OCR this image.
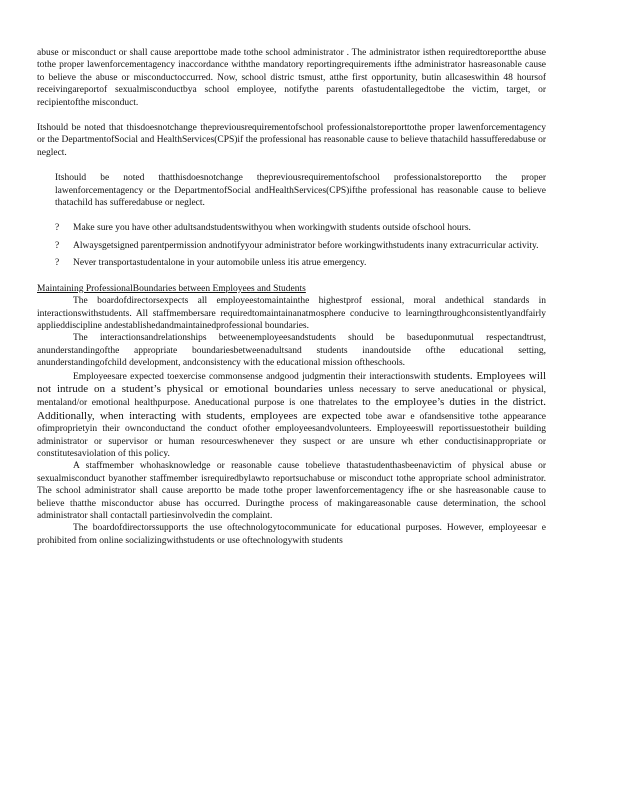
abuse or misconduct or shall cause areporttobe made tothe school administrator . The administrator isthen requiredtoreportthe abuse tothe proper lawenforcementagency inaccordance withthe mandatory reportingrequirements ifthe administrator hasreasonable cause to believe the abuse or misconductoccurred. Now, school distric tsmust, atthe first opportunity, butin allcaseswithin 48 hoursof receivingareportof sexualmisconductbya school employee, notifythe parents ofastudentallegedtobe the victim, target, or recipientofthe misconduct.

Itshould be noted that thisdoesnotchange thepreviousrequirementofschool professionalstoreporttothe proper lawenforcementagency or the DepartmentofSocial and HealthServices(CPS)if the professional has reasonable cause to believe thatachild hassufferedabuse or neglect.

Itshould be noted thatthisdoesnotchange thepreviousrequirementofschool professionalstoreportto the proper lawenforcementagency or the DepartmentofSocial andHealthServices(CPS)ifthe professional has reasonable cause to believe thatachild has sufferedabuse or neglect.

? Make sure you have other adultsandstudentswithyou when workingwith students outside ofschool hours.
? Alwaysgetsigned parentpermission andnotifyyour administrator before workingwithstudents inany extracurricular activity.
? Never transportastudentalone in your automobile unless itis atrue emergency.

Maintaining ProfessionalBoundaries between Employees and Students

The boardofdirectorsexpects all employeestomaintainthe highestprof essional, moral andethical standards in interactionswithstudents. All staffmembersare requiredtomaintainanatmosphere conducive to learningthroughconsistentlyandfairly applieddiscipline andestablishedandmaintainedprofessional boundaries.

The interactionsandrelationships betweenemployeesandstudents should be baseduponmutual respectandtrust, anunderstandingofthe appropriate boundariesbetweenadultsand students inandoutside ofthe educational setting, anunderstandingofchild development, andconsistency with the educational mission oftheschools.

Employeesare expected toexercise commonsense andgood judgmentin their interactionswith students. Employees will not intrude on a student’s physical or emotional boundaries unless necessary to serve aneducational or physical, mentaland/or emotional healthpurpose. Aneducational purpose is one thatrelates to the employee’s duties in the district. Additionally, when interacting with students, employees are expected tobe awar e ofandsensitive tothe appearance ofimproprietyin their ownconductand the conduct ofother employeesandvolunteers. Employeeswill reportissuestotheir building administrator or supervisor or human resourceswhenever they suspect or are unsure wh ether conductisinappropriate or constitutesaviolation of this policy.

A staffmember whohasknowledge or reasonable cause tobelieve thatastudenthasbeenavictim of physical abuse or sexualmisconduct byanother staffmember isrequiredbylawto reportsuchabuse or misconduct tothe appropriate school administrator. The school administrator shall cause areportto be made tothe proper lawenforcementagency ifhe or she hasreasonable cause to believe thatthe misconductor abuse has occurred. Duringthe process of makingareasonable cause determination, the school administrator shall contactall partiesinvolvedin the complaint.

The boardofdirectorssupports the use oftechnologytocommunicate for educational purposes. However, employeesar e prohibited from online socializingwithstudents or use oftechnologywith students
